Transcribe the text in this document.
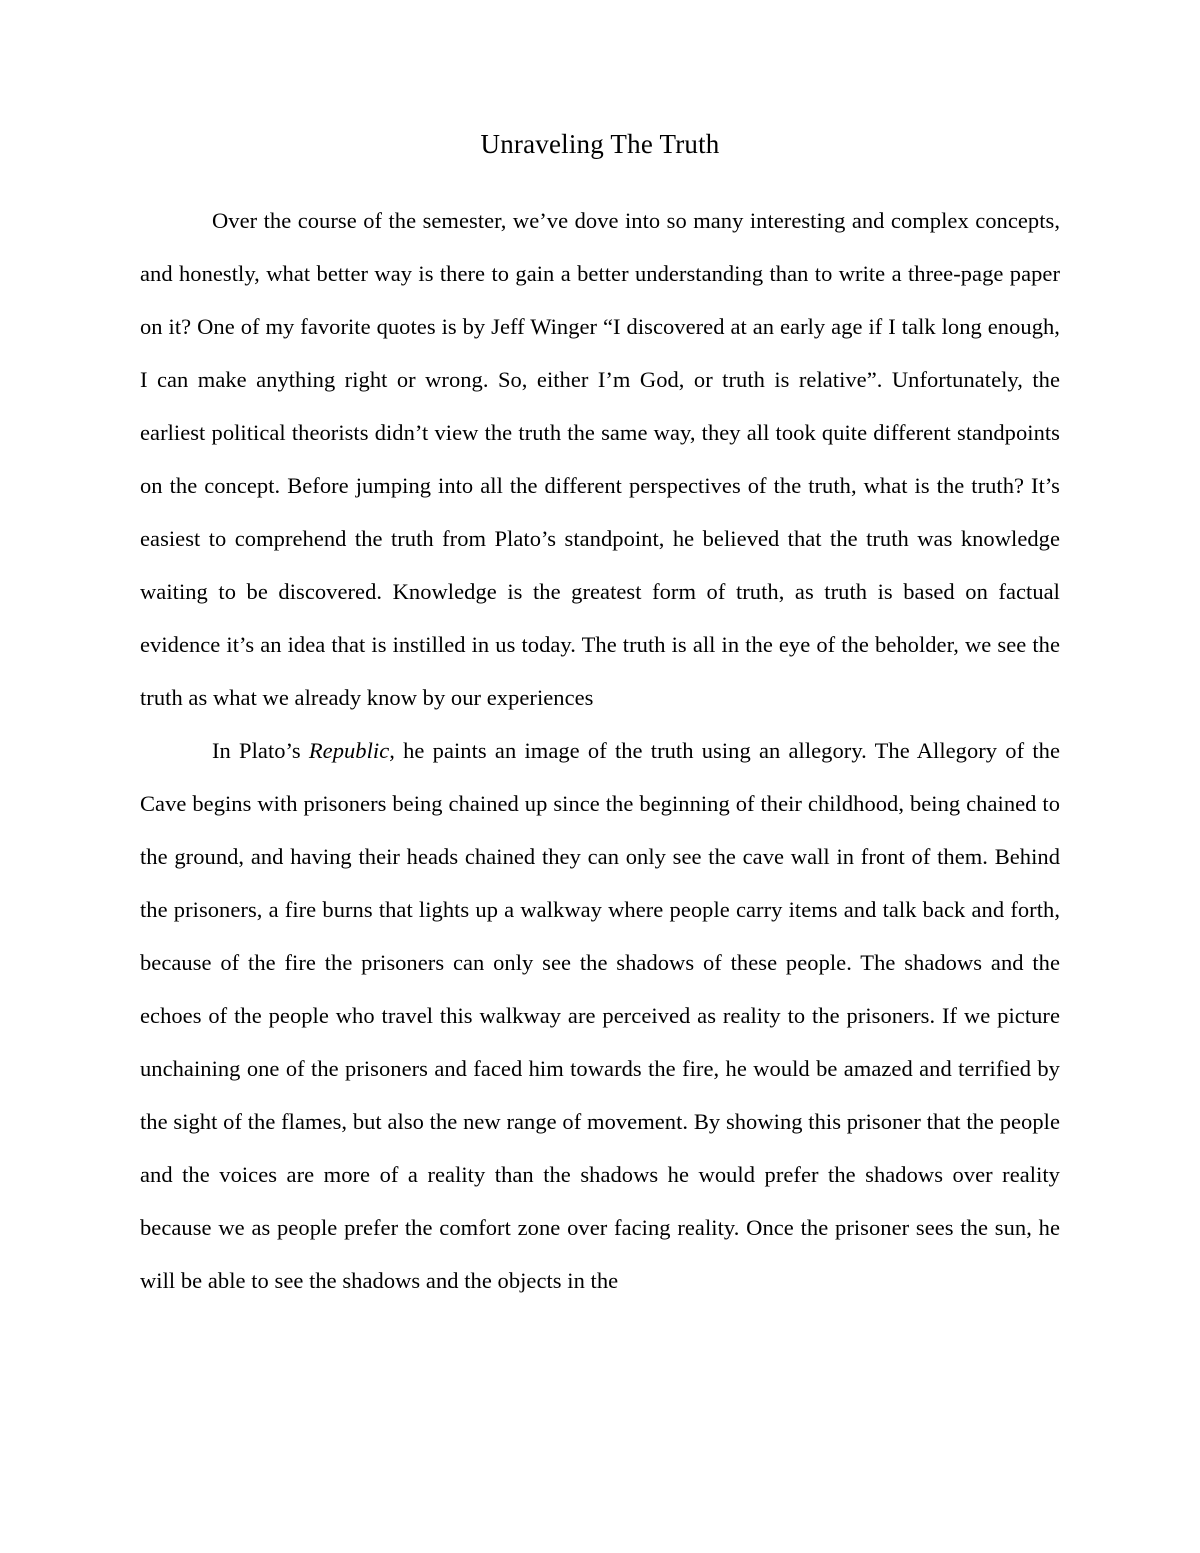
Unraveling The Truth

Over the course of the semester, we’ve dove into so many interesting and complex concepts, and honestly, what better way is there to gain a better understanding than to write a three-page paper on it? One of my favorite quotes is by Jeff Winger “I discovered at an early age if I talk long enough, I can make anything right or wrong. So, either I’m God, or truth is relative”. Unfortunately, the earliest political theorists didn’t view the truth the same way, they all took quite different standpoints on the concept. Before jumping into all the different perspectives of the truth, what is the truth? It’s easiest to comprehend the truth from Plato’s standpoint, he believed that the truth was knowledge waiting to be discovered. Knowledge is the greatest form of truth, as truth is based on factual evidence it’s an idea that is instilled in us today. The truth is all in the eye of the beholder, we see the truth as what we already know by our experiences

In Plato’s Republic, he paints an image of the truth using an allegory. The Allegory of the Cave begins with prisoners being chained up since the beginning of their childhood, being chained to the ground, and having their heads chained they can only see the cave wall in front of them. Behind the prisoners, a fire burns that lights up a walkway where people carry items and talk back and forth, because of the fire the prisoners can only see the shadows of these people. The shadows and the echoes of the people who travel this walkway are perceived as reality to the prisoners. If we picture unchaining one of the prisoners and faced him towards the fire, he would be amazed and terrified by the sight of the flames, but also the new range of movement. By showing this prisoner that the people and the voices are more of a reality than the shadows he would prefer the shadows over reality because we as people prefer the comfort zone over facing reality. Once the prisoner sees the sun, he will be able to see the shadows and the objects in the
